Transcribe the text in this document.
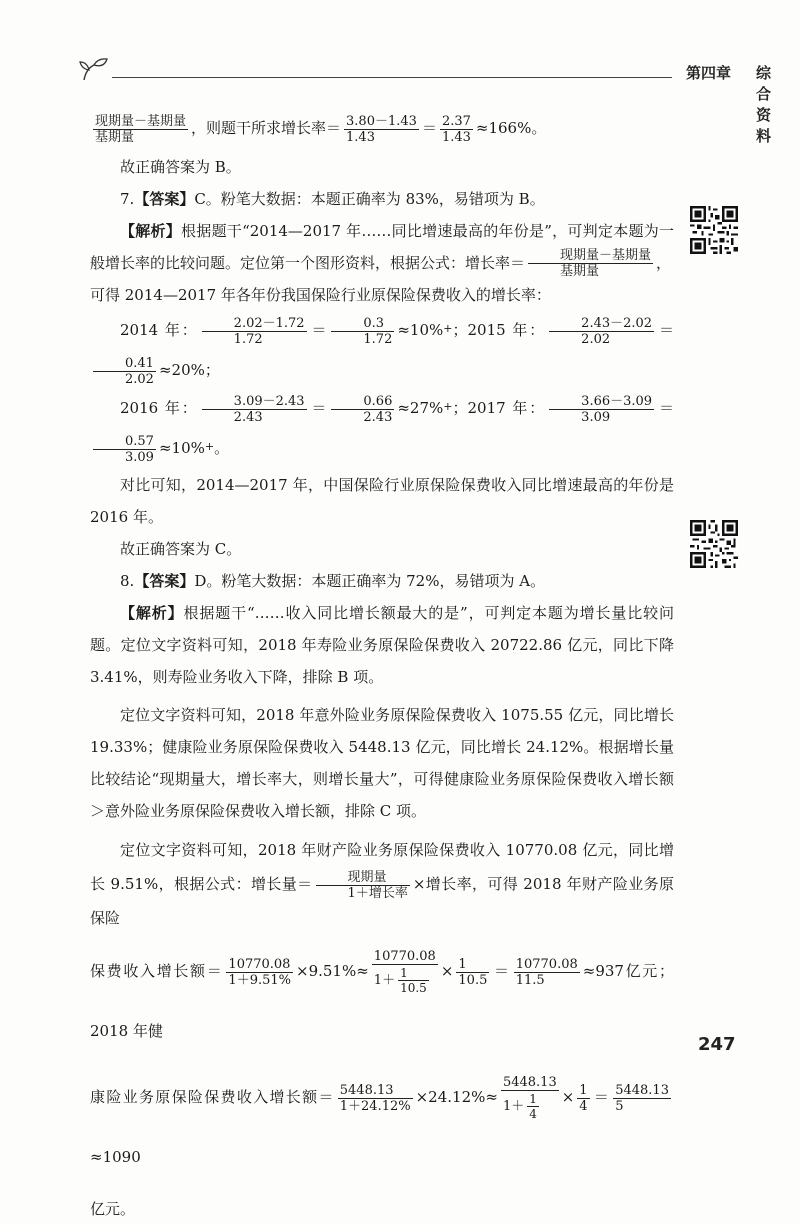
第四章 综合资料

现期量－基期量
基期量	，则题干所求增长率＝ $\frac{3.80-1.43}{1.43} = \frac{2.37}{1.43} \approx 166\%$。

故正确答案为 B。

7.【答案】C。粉笔大数据：本题正确率为 83%，易错项为 B。

【解析】根据题干“2014—2017 年……同比增速最高的年份是”，可判定本题为一般增长率的比较问题。定位第一个图形资料，根据公式：增长率＝	现期量－基期量
基期量	，

可得 2014—2017 年各年份我国保险行业原保险保费收入的增长率：

2014 年： $\frac{2.02-1.72}{1.72} = \frac{0.3}{1.72} \approx 10\%^+$；2015 年： $\frac{2.43-2.02}{2.02}$ ＝
$\frac{0.41}{2.02} \approx 20\%$；

2016 年： $\frac{3.09-2.43}{2.43} = \frac{0.66}{2.43} \approx 27\%^+$；2017 年： $\frac{3.66-3.09}{3.09}$ ＝
$\frac{0.57}{3.09} \approx 10\%^+$。

对比可知，2014—2017 年，中国保险行业原保险保费收入同比增速最高的年份是 2016 年。

故正确答案为 C。

8.【答案】D。粉笔大数据：本题正确率为 72%，易错项为 A。

【解析】根据题干“……收入同比增长额最大的是”，可判定本题为增长量比较问题。定位文字资料可知，2018 年寿险业务原保险保费收入 20722.86 亿元，同比下降 3.41%，则寿险业务收入下降，排除 B 项。

定位文字资料可知，2018 年意外险业务原保险保费收入 1075.55 亿元，同比增长 19.33%；健康险业务原保险保费收入 5448.13 亿元，同比增长 24.12%。根据增长量比较结论“现期量大，增长率大，则增长量大”，可得健康险业务原保险保费收入增长额＞意外险业务原保险保费收入增长额，排除 C 项。

定位文字资料可知，2018 年财产险业务原保险保费收入 10770.08 亿元，同比增长 9.51%，根据公式：增长量＝	现期量
1＋增长率 ×增长率，可得 2018 年财产险业务原保险

保费收入增长额＝ $\frac{10770.08}{1+9.51\%} \times 9.51\%\approx \frac{10770.08}{1+ \frac{1}{10.5}} \times \frac{1}{10.5} = \frac{10770.08}{11.5} \approx 937$亿元；2018 年健

康险业务原保险保费收入增长额＝ $\frac{5448.13}{1+24.12\%} \times 24.12\%\approx \frac{5448.13}{1+ \frac{1}{4}} \times \frac{1}{4} = \frac{5448.13}{5}$
≈1090

亿元。

247
